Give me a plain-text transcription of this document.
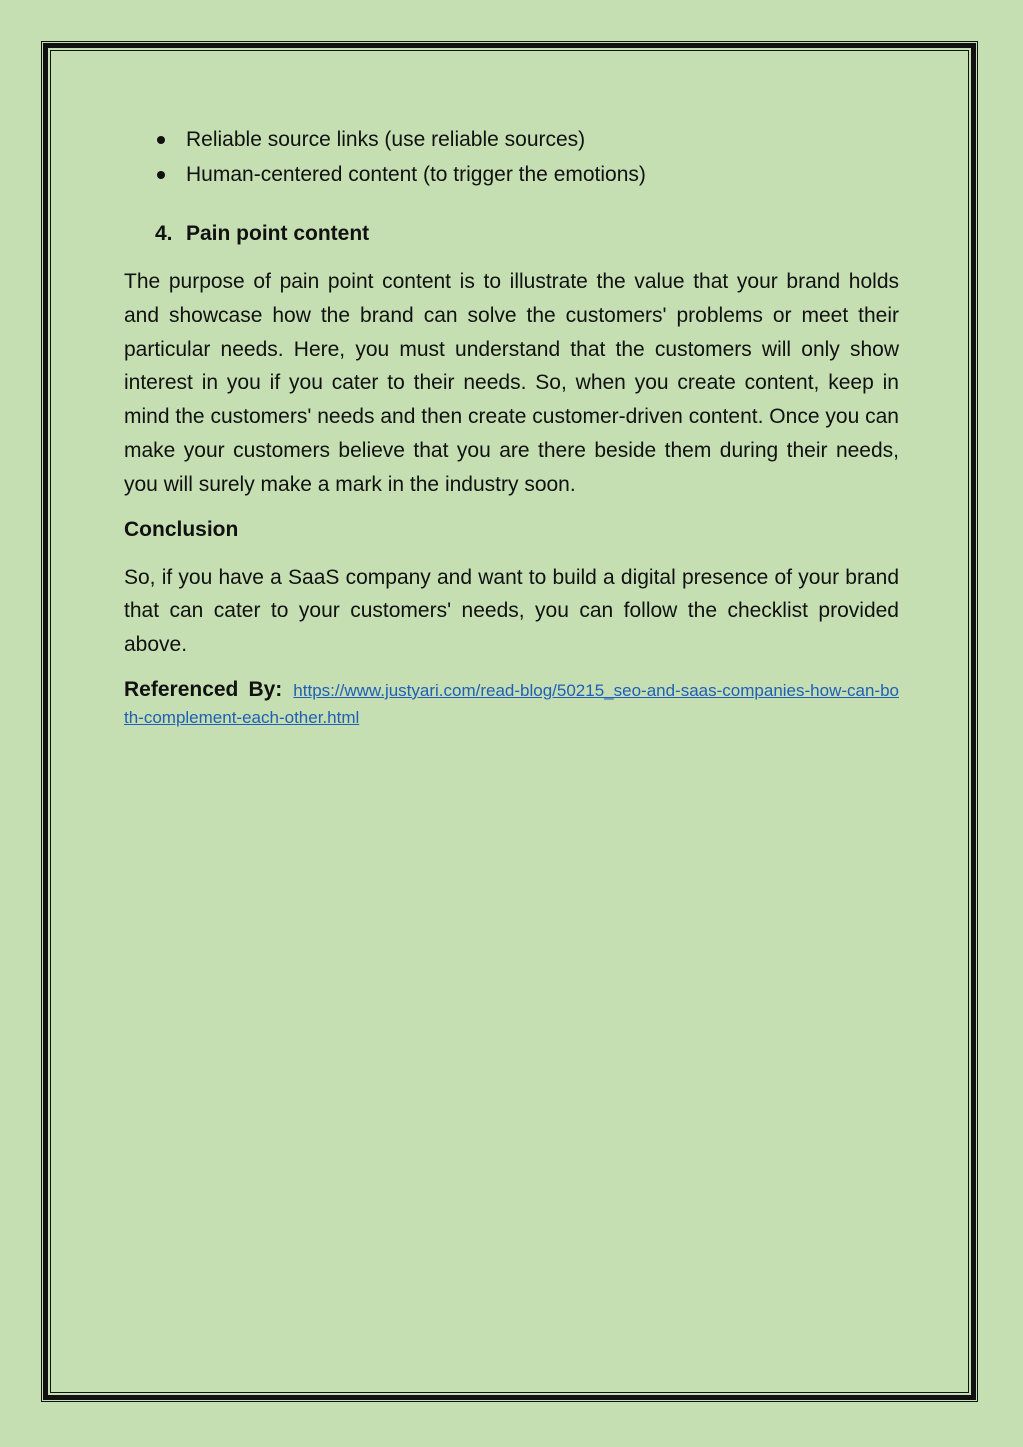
Reliable source links (use reliable sources)
Human-centered content (to trigger the emotions)
4. Pain point content

The purpose of pain point content is to illustrate the value that your brand holds and showcase how the brand can solve the customers' problems or meet their particular needs. Here, you must understand that the customers will only show interest in you if you cater to their needs. So, when you create content, keep in mind the customers' needs and then create customer-driven content. Once you can make your customers believe that you are there beside them during their needs, you will surely make a mark in the industry soon.

Conclusion

So, if you have a SaaS company and want to build a digital presence of your brand that can cater to your customers' needs, you can follow the checklist provided above.

Referenced By: https://www.justyari.com/read-blog/50215_seo-and-saas-companies-how-can-both-complement-each-other.html
